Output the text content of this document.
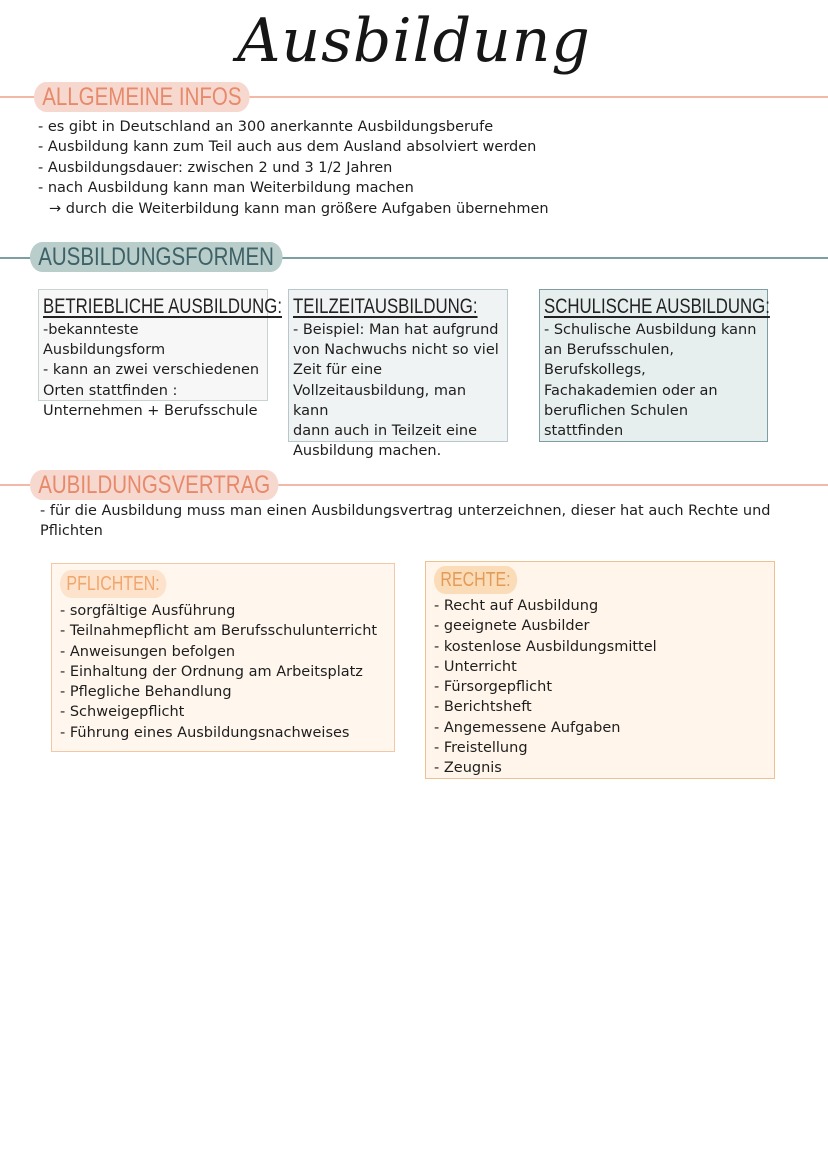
Ausbildung
ALLGEMEINE INFOS
- es gibt in Deutschland an 300 anerkannte Ausbildungsberufe
- Ausbildung kann zum Teil auch aus dem Ausland absolviert werden
- Ausbildungsdauer: zwischen 2 und 3 1/2 Jahren
- nach Ausbildung kann man Weiterbildung machen
→ durch die Weiterbildung kann man größere Aufgaben übernehmen
AUSBILDUNGSFORMEN
BETRIEBLICHE AUSBILDUNG:
-bekannteste Ausbildungsform
- kann an zwei verschiedenen
Orten stattfinden :
Unternehmen + Berufsschule
TEILZEITAUSBILDUNG:
- Beispiel: Man hat aufgrund
von Nachwuchs nicht so viel
Zeit für eine
Vollzeitausbildung, man kann
dann auch in Teilzeit eine
Ausbildung machen.
SCHULISCHE AUSBILDUNG:
- Schulische Ausbildung kann
an Berufsschulen,
Berufskollegs,
Fachakademien oder an
beruflichen Schulen
stattfinden
AUBILDUNGSVERTRAG
- für die Ausbildung muss man einen Ausbildungsvertrag unterzeichnen, dieser hat auch Rechte und
Pflichten
PFLICHTEN:
- sorgfältige Ausführung
- Teilnahmepflicht am Berufsschulunterricht
- Anweisungen befolgen
- Einhaltung der Ordnung am Arbeitsplatz
- Pflegliche Behandlung
- Schweigepflicht
- Führung eines Ausbildungsnachweises
RECHTE:
- Recht auf Ausbildung
- geeignete Ausbilder
- kostenlose Ausbildungsmittel
- Unterricht
- Fürsorgepflicht
- Berichtsheft
- Angemessene Aufgaben
- Freistellung
- Zeugnis
